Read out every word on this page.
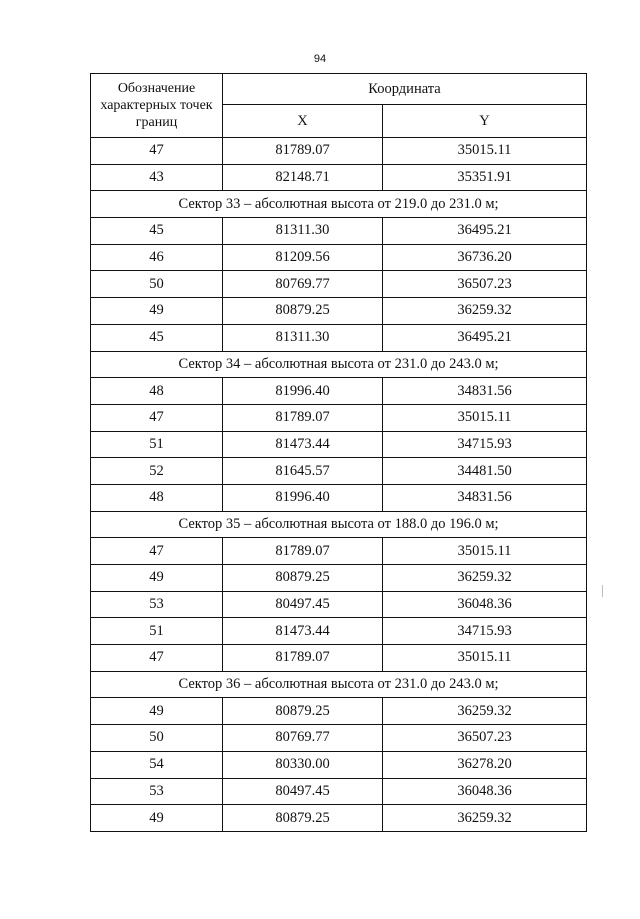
94
Обозначение характерных точек границ	Координата	
	X	Y
47	81789.07	35015.11
43	82148.71	35351.91
Сектор 33 – абсолютная высота от 219.0 до 231.0 м;		
45	81311.30	36495.21
46	81209.56	36736.20
50	80769.77	36507.23
49	80879.25	36259.32
45	81311.30	36495.21
Сектор 34 – абсолютная высота от 231.0 до 243.0 м;		
48	81996.40	34831.56
47	81789.07	35015.11
51	81473.44	34715.93
52	81645.57	34481.50
48	81996.40	34831.56
Сектор 35 – абсолютная высота от 188.0 до 196.0 м;		
47	81789.07	35015.11
49	80879.25	36259.32
53	80497.45	36048.36
51	81473.44	34715.93
47	81789.07	35015.11
Сектор 36 – абсолютная высота от 231.0 до 243.0 м;		
49	80879.25	36259.32
50	80769.77	36507.23
54	80330.00	36278.20
53	80497.45	36048.36
49	80879.25	36259.32
